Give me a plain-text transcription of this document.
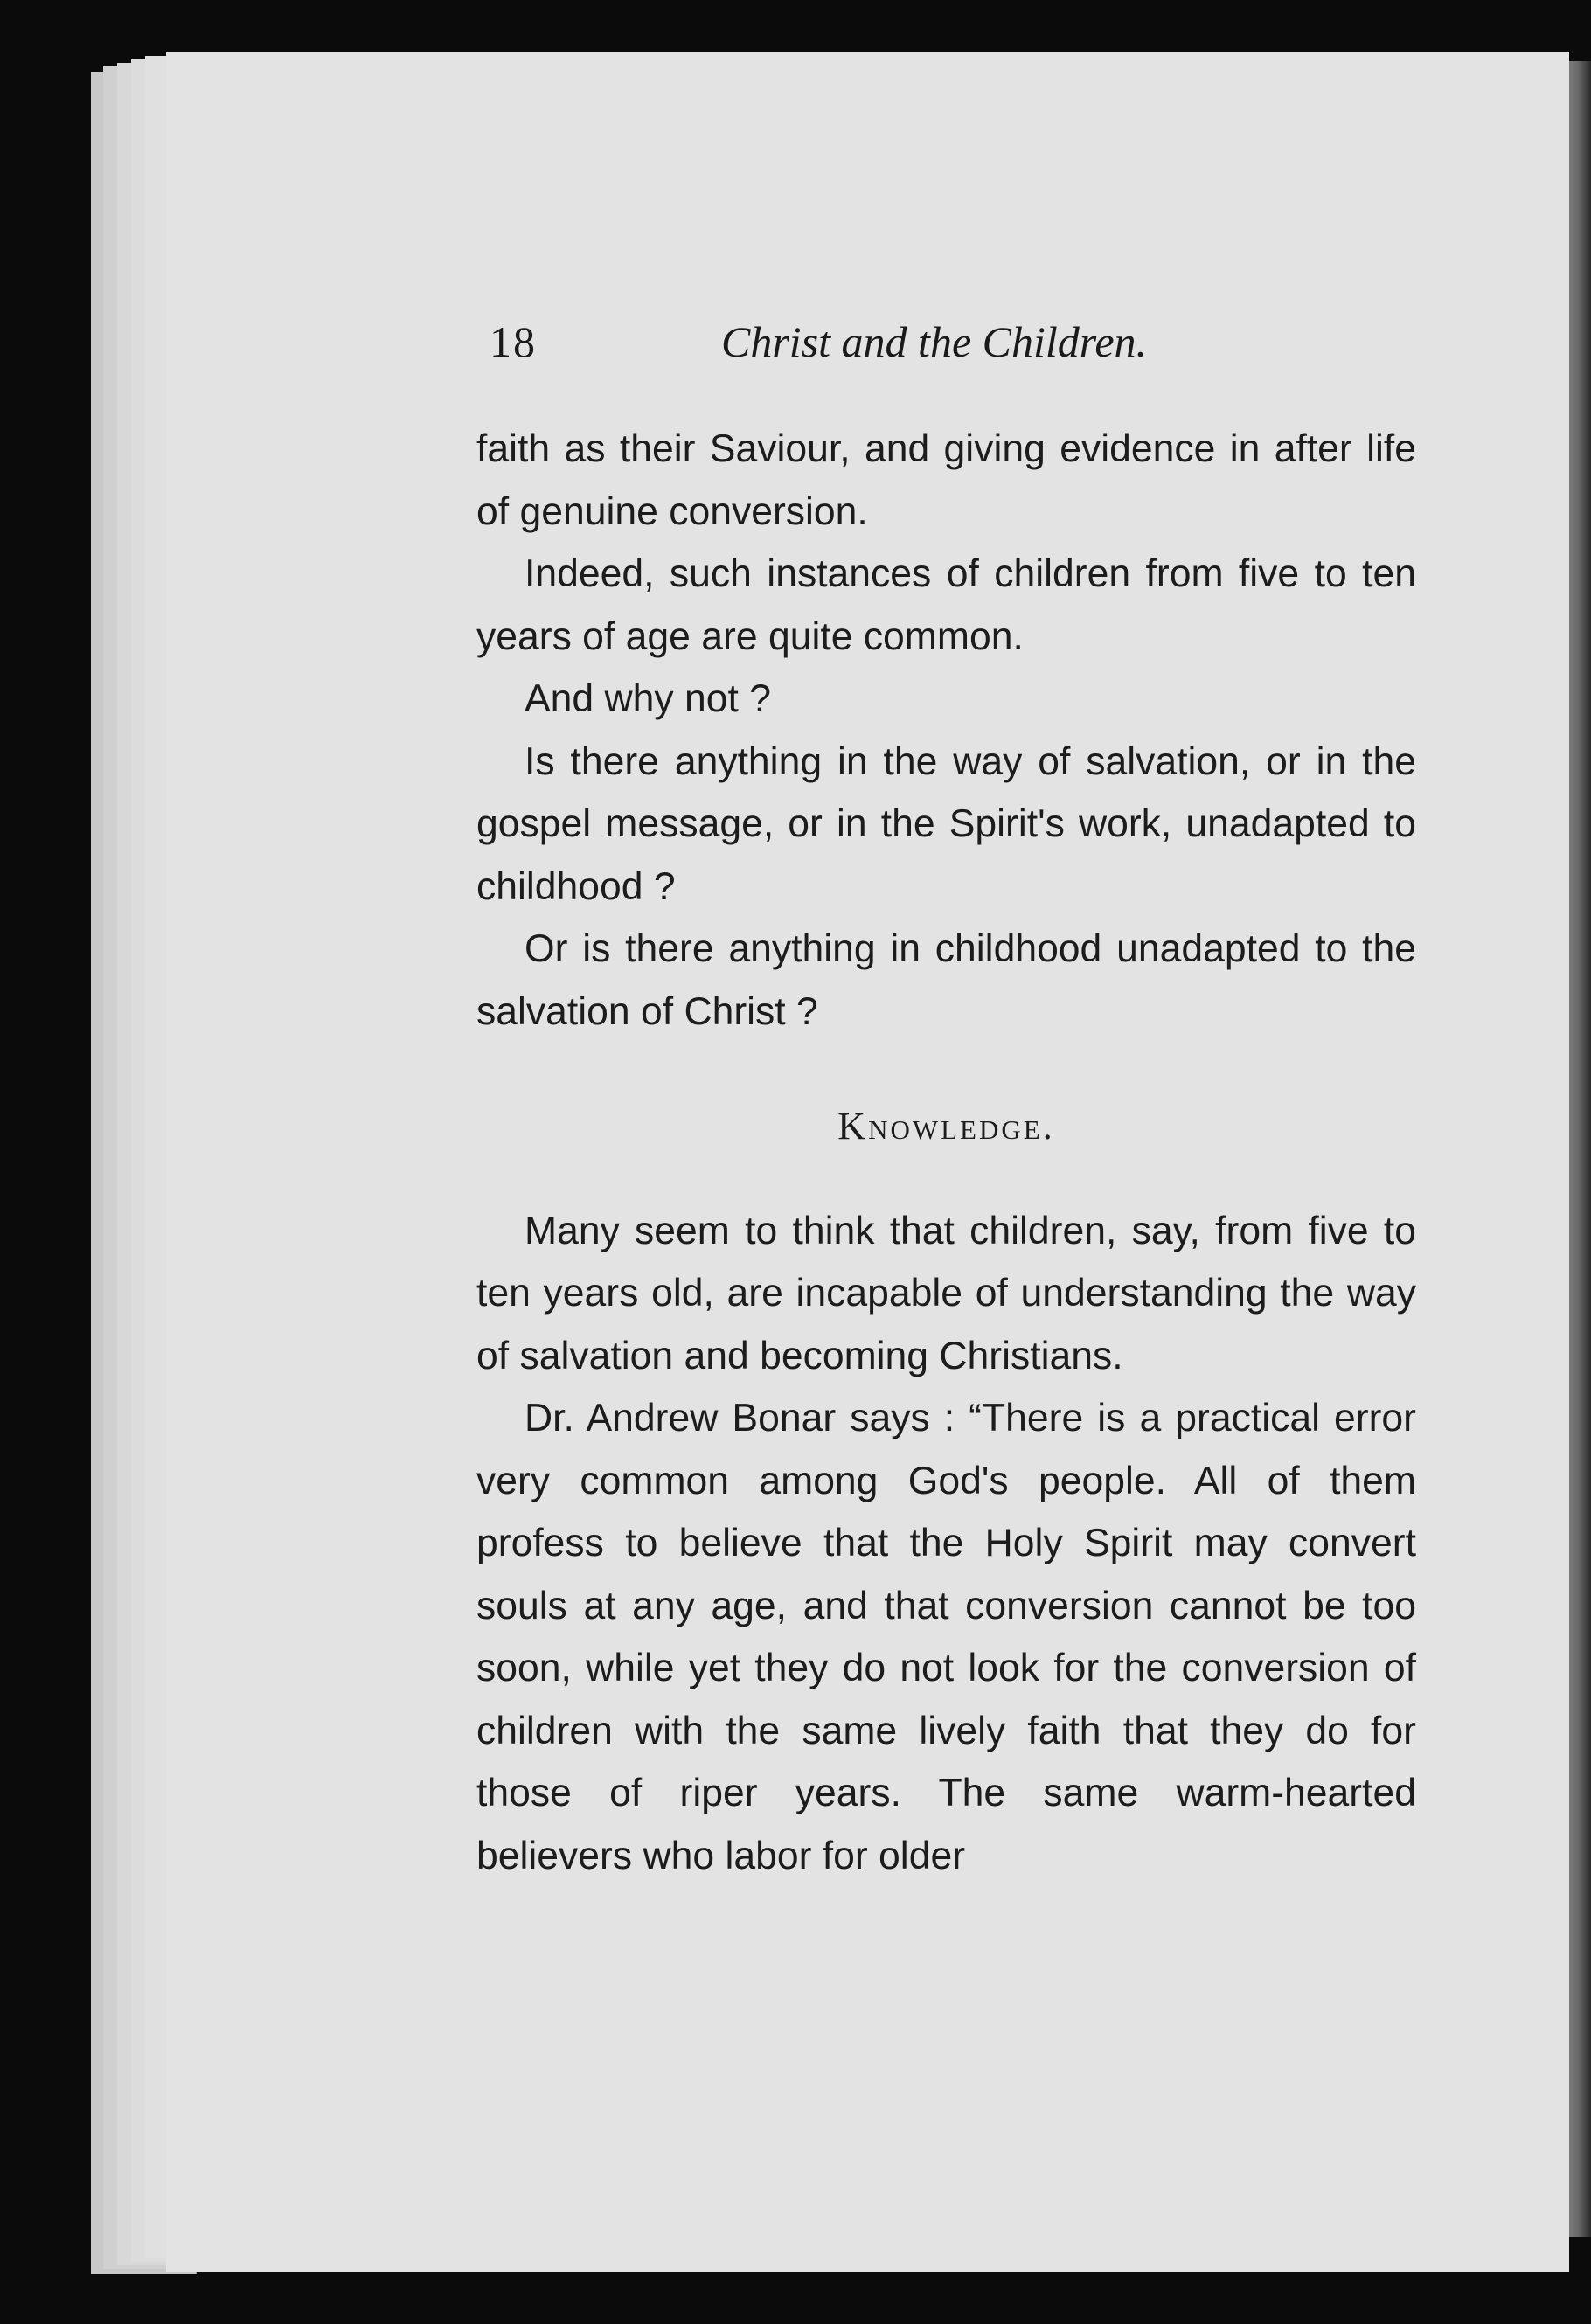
18	Christ and the Children.

faith as their Saviour, and giving evidence in after life of genuine conversion.

Indeed, such instances of children from five to ten years of age are quite common.

And why not ?

Is there anything in the way of salvation, or in the gospel message, or in the Spirit's work, unadapted to childhood ?

Or is there anything in childhood unadapted to the salvation of Christ ?

Knowledge.

Many seem to think that children, say, from five to ten years old, are incapable of understanding the way of salvation and becoming Christians.

Dr. Andrew Bonar says : “There is a practical error very common among God's people. All of them profess to believe that the Holy Spirit may convert souls at any age, and that conversion cannot be too soon, while yet they do not look for the conversion of children with the same lively faith that they do for those of riper years. The same warm-hearted believers who labor for older
